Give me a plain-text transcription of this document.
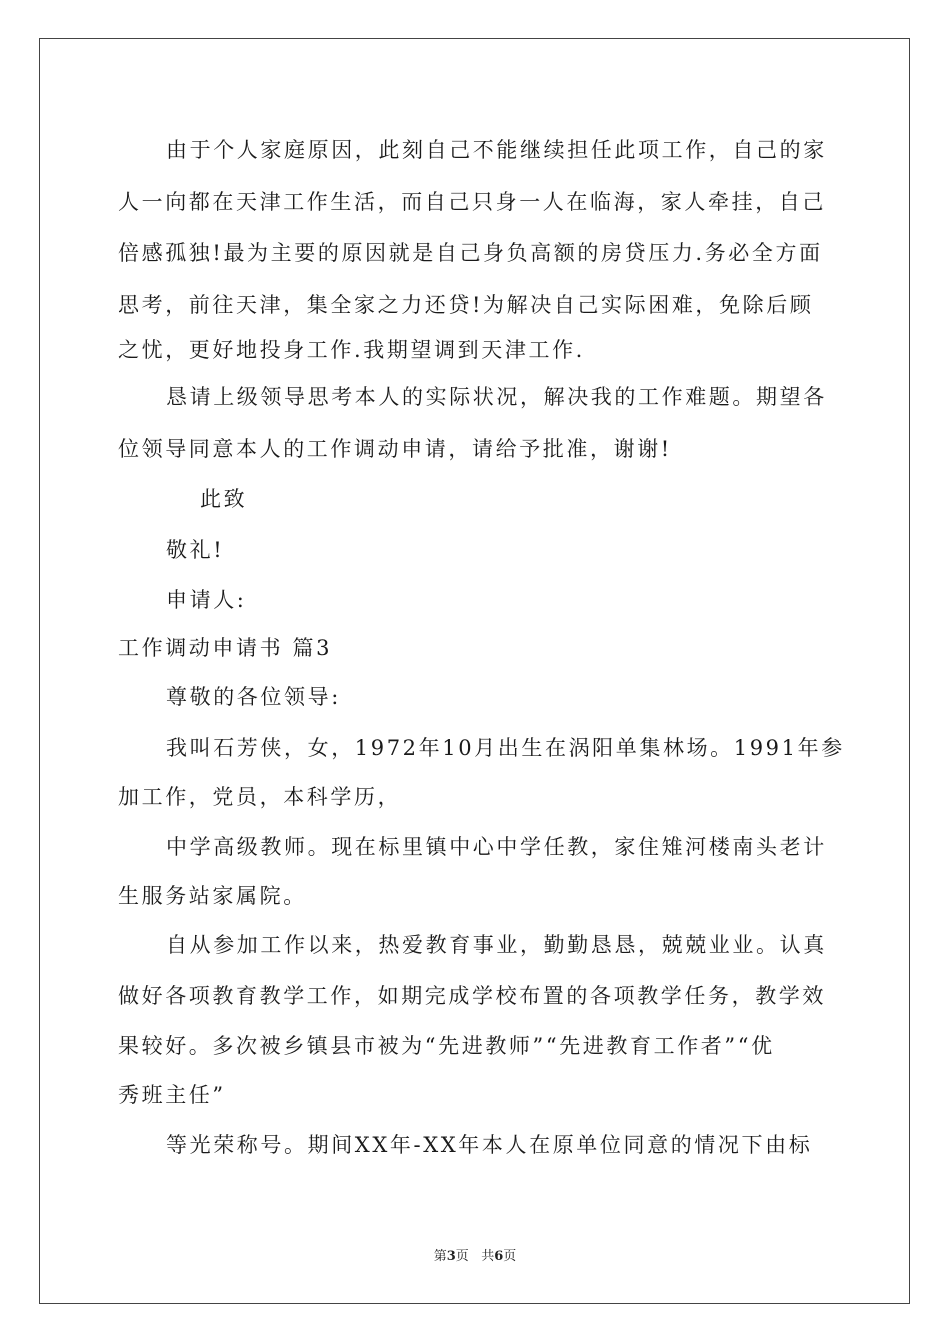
由于个人家庭原因，此刻自己不能继续担任此项工作，自己的家
人一向都在天津工作生活，而自己只身一人在临海，家人牵挂，自己
倍感孤独!最为主要的原因就是自己身负高额的房贷压力.务必全方面
思考，前往天津，集全家之力还贷!为解决自己实际困难，免除后顾
之忧，更好地投身工作.我期望调到天津工作.
恳请上级领导思考本人的实际状况，解决我的工作难题。期望各
位领导同意本人的工作调动申请，请给予批准，谢谢!
此致
敬礼!
申请人:
工作调动申请书 篇3
尊敬的各位领导:
我叫石芳侠，女，1972年10月出生在涡阳单集林场。1991年参
加工作，党员，本科学历，
中学高级教师。现在标里镇中心中学任教，家住雉河楼南头老计
生服务站家属院。
自从参加工作以来，热爱教育事业，勤勤恳恳，兢兢业业。认真
做好各项教育教学工作，如期完成学校布置的各项教学任务，教学效
果较好。多次被乡镇县市被为“先进教师”“先进教育工作者”“优
秀班主任”
等光荣称号。期间XX年-XX年本人在原单位同意的情况下由标
第3页 共6页
